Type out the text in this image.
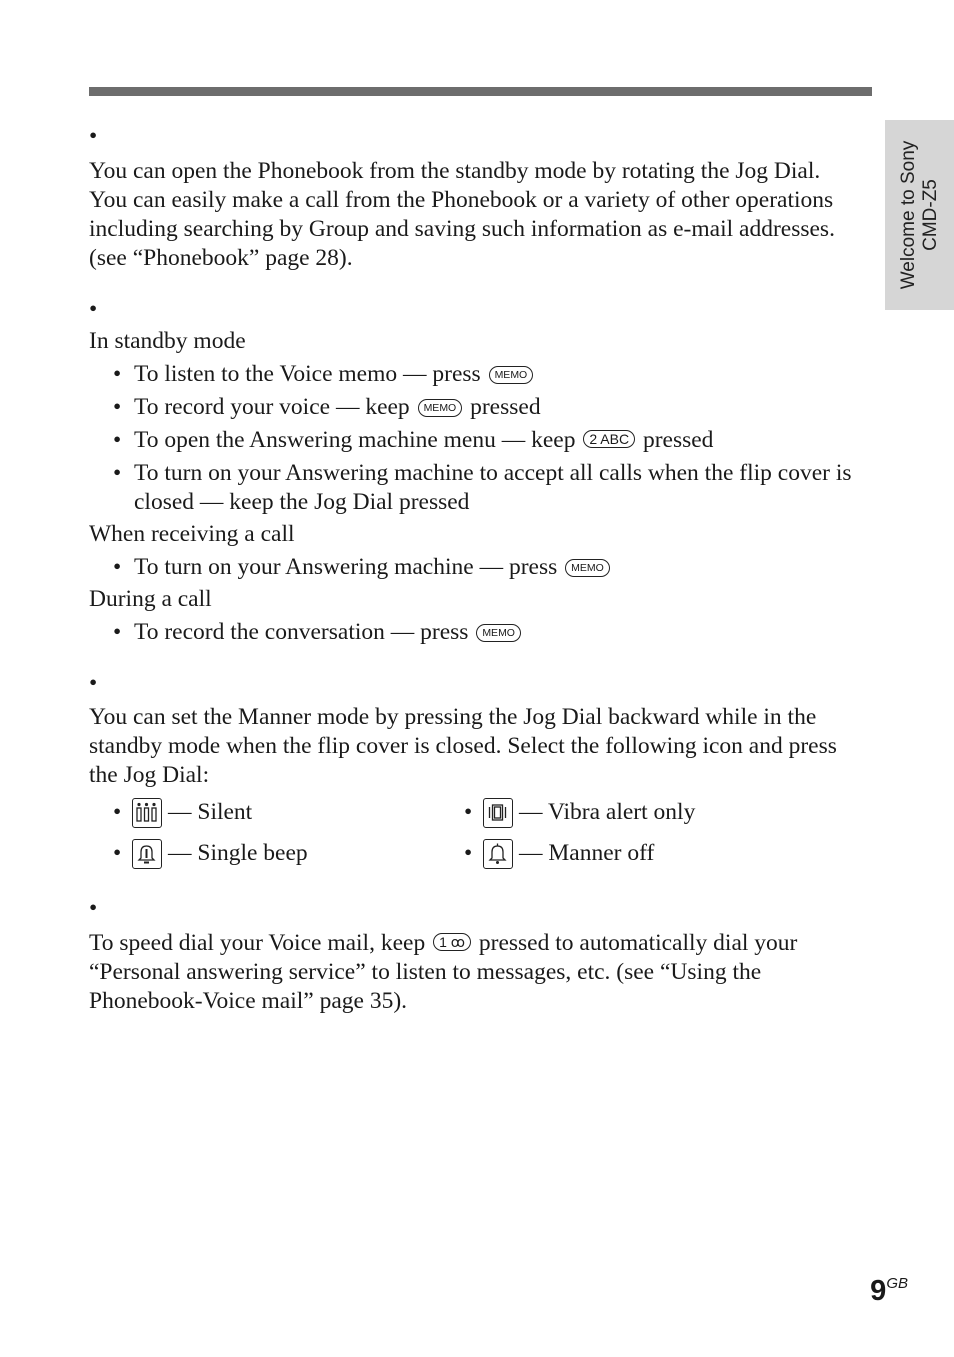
Welcome to Sony
CMD-Z5
•

You can open the Phonebook from the standby mode by rotating the Jog Dial.
You can easily make a call from the Phonebook or a variety of other operations including searching by Group and saving such information as e-mail addresses. (see “Phonebook” page 28).

•
In standby mode
• To listen to the Voice memo — press MEMO
• To record your voice — keep MEMO pressed
• To open the Answering machine menu — keep 2 ABC pressed
• To turn on your Answering machine to accept all calls when the flip cover is closed — keep the Jog Dial pressed
When receiving a call
• To turn on your Answering machine — press MEMO
During a call
• To record the conversation — press MEMO
•

You can set the Manner mode by pressing the Jog Dial backward while in the standby mode when the flip cover is closed. Select the following icon and press the Jog Dial:

• — Silent	• — Vibra alert only
• — Single beep	• — Manner off
•

To speed dial your Voice mail, keep 1 ꝏ pressed to automatically dial your “Personal answering service” to listen to messages, etc. (see “Using the Phonebook-Voice mail” page 35).

$9^{GB}$
